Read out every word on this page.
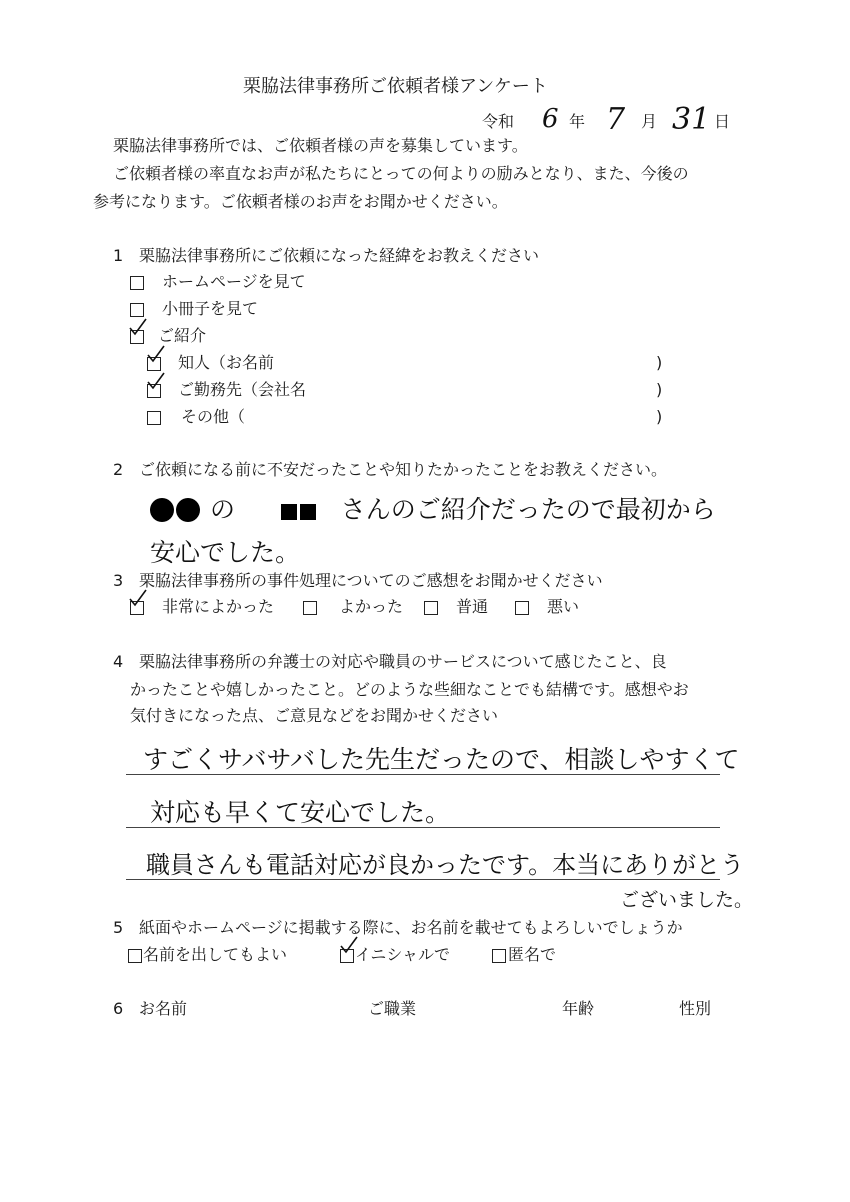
栗脇法律事務所ご依頼者様アンケート
令和 6 年 7 月 31 日
栗脇法律事務所では、ご依頼者様の声を募集しています。
ご依頼者様の率直なお声が私たちにとっての何よりの励みとなり、また、今後の
参考になります。ご依頼者様のお声をお聞かせください。
1 栗脇法律事務所にご依頼になった経緯をお教えください
ホームページを見て
小冊子を見て
ご紹介
知人（お名前	)
ご勤務先（会社名	)
その他（	)
2 ご依頼になる前に不安だったことや知りたかったことをお教えください。
の	さんのご紹介だったので最初から
安心でした。
3 栗脇法律事務所の事件処理についてのご感想をお聞かせください
非常によかった	よかった	普通	悪い
4 栗脇法律事務所の弁護士の対応や職員のサービスについて感じたこと、良
かったことや嬉しかったこと。どのような些細なことでも結構です。感想やお
気付きになった点、ご意見などをお聞かせください
すごくサバサバした先生だったので、相談しやすくて
対応も早くて安心でした。
職員さんも電話対応が良かったです。本当にありがとう
ございました。
5 紙面やホームページに掲載する際に、お名前を載せてもよろしいでしょうか
名前を出してもよい	イニシャルで	匿名で
6 お名前	ご職業	年齢	性別
